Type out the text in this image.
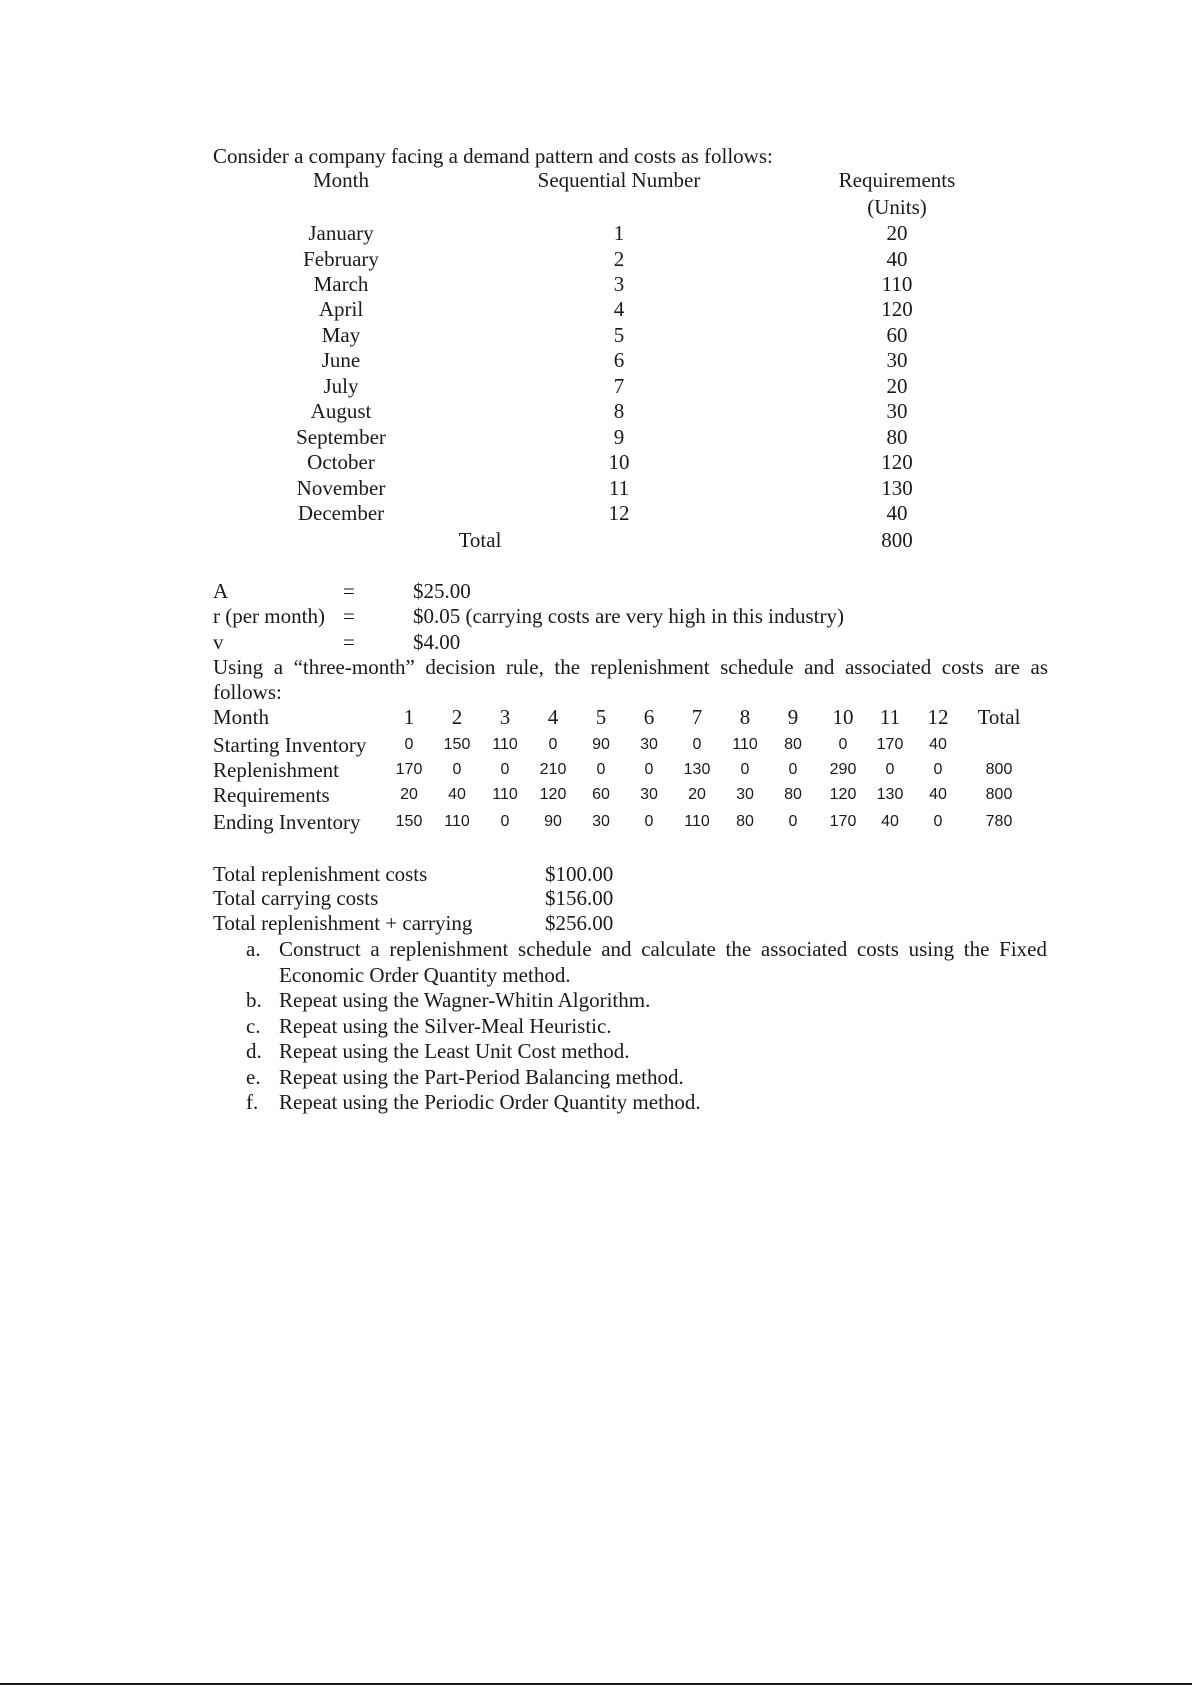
Consider a company facing a demand pattern and costs as follows:
Month	Sequential Number	Requirements
(Units)
January	1	20
February	2	40
March	3	110
April	4	120
May	5	60
June	6	30
July	7	20
August	8	30
September	9	80
October	10	120
November	11	130
December	12	40
Total	800
A	=	$25.00
r (per month) =	$0.05 (carrying costs are very high in this industry)
v	=	$4.00
Using a “three-month” decision rule, the replenishment schedule and associated costs are as
follows:
Month	1 2 3 4 5 6 7 8 9 10 11 12 Total
Starting Inventory 0 150 110 0 90 30 0 110 80 0 170 40
Replenishment	170 0 0 210 0 0 130 0 0 290 0 0	800
Requirements	20 40 110 120 60 30 20 30 80 120 130 40 800
Ending Inventory 150 110 0 90 30 0 110 80 0 170 40 0	780
Total replenishment costs	$100.00
Total carrying costs	$156.00
Total replenishment + carrying	$256.00
a. Construct a replenishment schedule and calculate the associated costs using the Fixed
Economic Order Quantity method.
b. Repeat using the Wagner-Whitin Algorithm.
c. Repeat using the Silver-Meal Heuristic.
d. Repeat using the Least Unit Cost method.
e. Repeat using the Part-Period Balancing method.
f. Repeat using the Periodic Order Quantity method.
